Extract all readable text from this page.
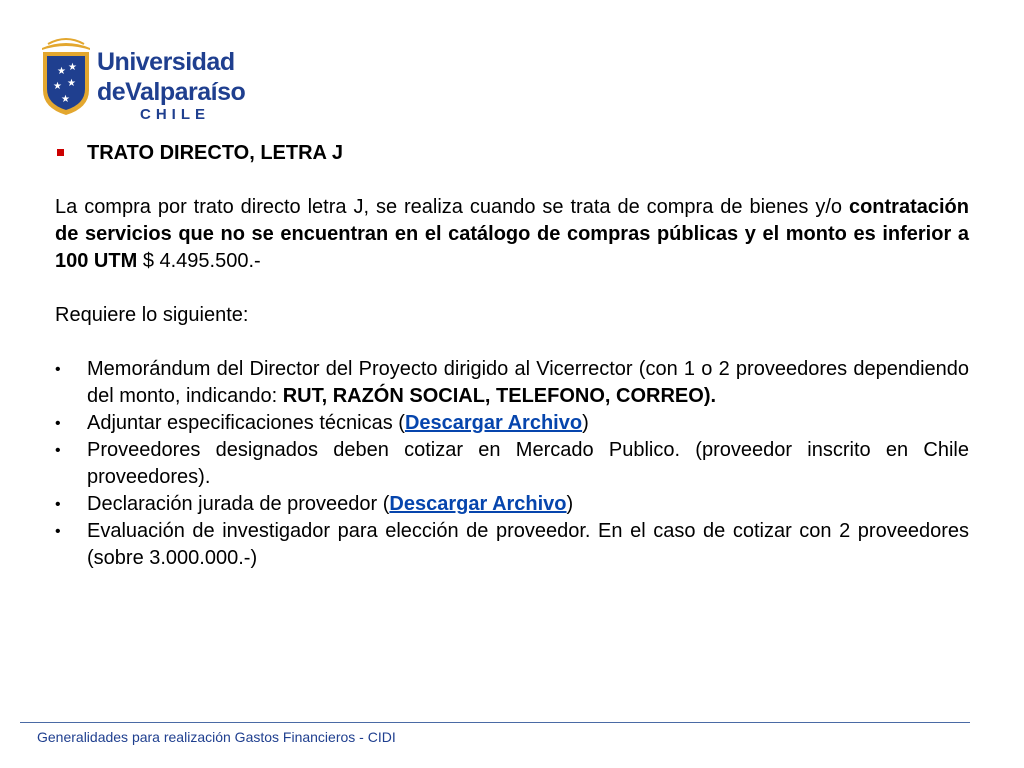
★ ★
★ ★
★
Universidad
deValparaíso
CHILE
TRATO DIRECTO, LETRA J

La compra por trato directo letra J, se realiza cuando se trata de compra de bienes y/o contratación de servicios que no se encuentran en el catálogo de compras públicas y el monto es inferior a 100 UTM $ 4.495.500.-

Requiere lo siguiente:

• Memorándum del Director del Proyecto dirigido al Vicerrector (con 1 o 2 proveedores dependiendo del monto, indicando: RUT, RAZÓN SOCIAL, TELEFONO, CORREO).
• Adjuntar especificaciones técnicas (Descargar Archivo)
• Proveedores designados deben cotizar en Mercado Publico. (proveedor inscrito en Chile proveedores).
• Declaración jurada de proveedor (Descargar Archivo)
• Evaluación de investigador para elección de proveedor. En el caso de cotizar con 2 proveedores (sobre 3.000.000.-)
Generalidades para realización Gastos Financieros - CIDI
